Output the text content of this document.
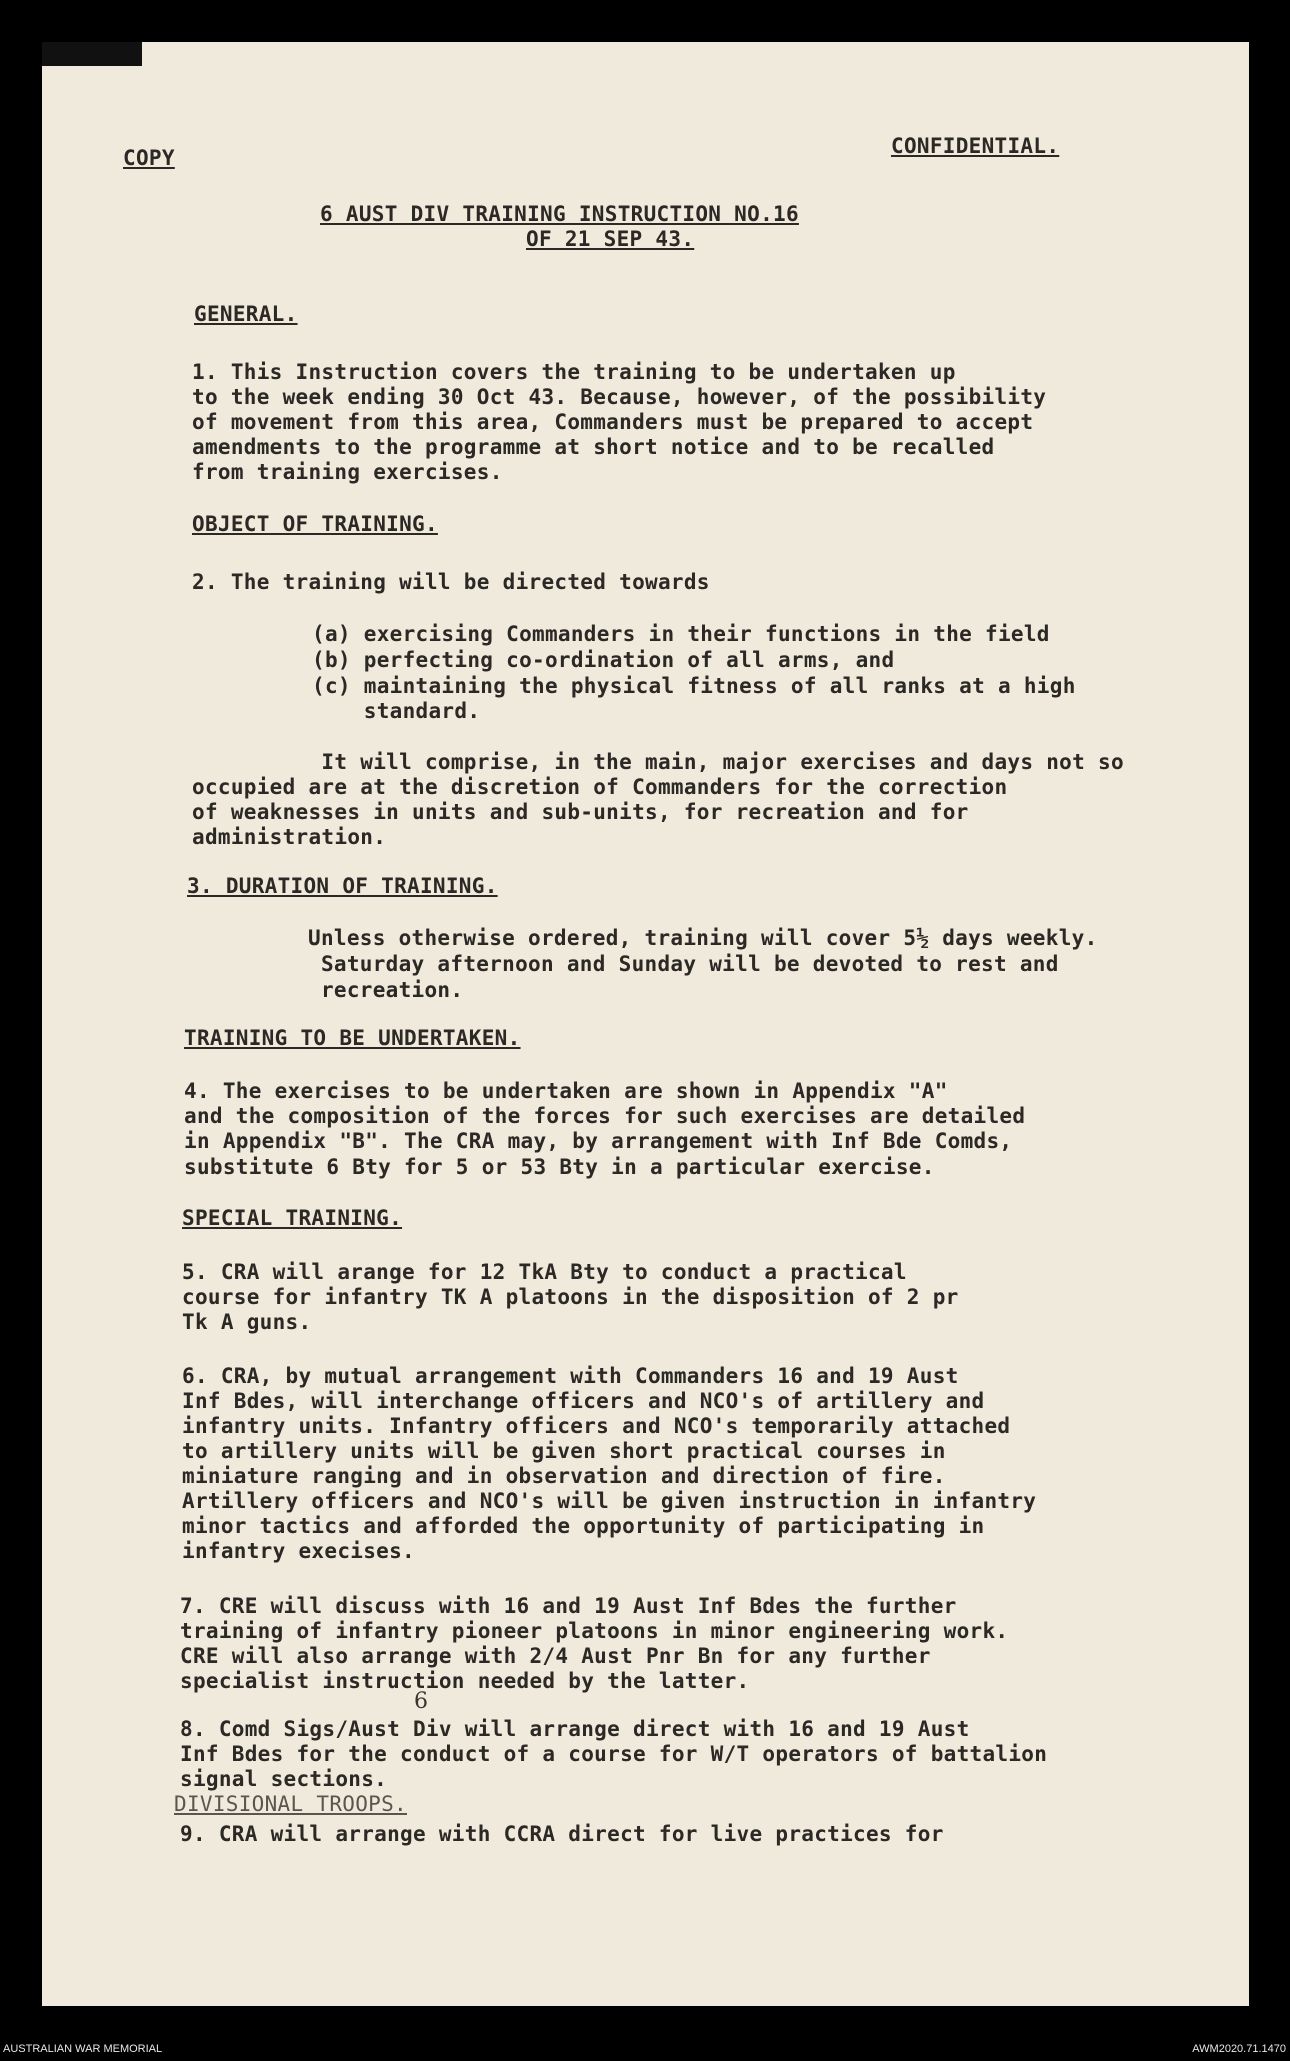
COPY	CONFIDENTIAL.
6 AUST DIV TRAINING INSTRUCTION NO.16
OF 21 SEP 43.
GENERAL.
1. This Instruction covers the training to be undertaken up
to the week ending 30 Oct 43. Because, however, of the possibility
of movement from this area, Commanders must be prepared to accept
amendments to the programme at short notice and to be recalled
from training exercises.
OBJECT OF TRAINING.
2. The training will be directed towards
(a) exercising Commanders in their functions in the field
(b) perfecting co-ordination of all arms, and
(c) maintaining the physical fitness of all ranks at a high
standard.
It will comprise, in the main, major exercises and days not so
occupied are at the discretion of Commanders for the correction
of weaknesses in units and sub-units, for recreation and for
administration.
3. DURATION OF TRAINING.
Unless otherwise ordered, training will cover 5½ days weekly.
Saturday afternoon and Sunday will be devoted to rest and
recreation.
TRAINING TO BE UNDERTAKEN.
4. The exercises to be undertaken are shown in Appendix "A"
and the composition of the forces for such exercises are detailed
in Appendix "B". The CRA may, by arrangement with Inf Bde Comds,
substitute 6 Bty for 5 or 53 Bty in a particular exercise.
SPECIAL TRAINING.
5. CRA will arange for 12 TkA Bty to conduct a practical
course for infantry TK A platoons in the disposition of 2 pr
Tk A guns.
6. CRA, by mutual arrangement with Commanders 16 and 19 Aust
Inf Bdes, will interchange officers and NCO's of artillery and
infantry units. Infantry officers and NCO's temporarily attached
to artillery units will be given short practical courses in
miniature ranging and in observation and direction of fire.
Artillery officers and NCO's will be given instruction in infantry
minor tactics and afforded the opportunity of participating in
infantry execises.
7. CRE will discuss with 16 and 19 Aust Inf Bdes the further
training of infantry pioneer platoons in minor engineering work.
CRE will also arrange with 2/4 Aust Pnr Bn for any further
specialist instruction needed by the latter.
6
8. Comd Sigs/Aust Div will arrange direct with 16 and 19 Aust
Inf Bdes for the conduct of a course for W/T operators of battalion
signal sections.
DIVISIONAL TROOPS.
9. CRA will arrange with CCRA direct for live practices for
AUSTRALIAN WAR MEMORIAL	AWM2020.71.1470
